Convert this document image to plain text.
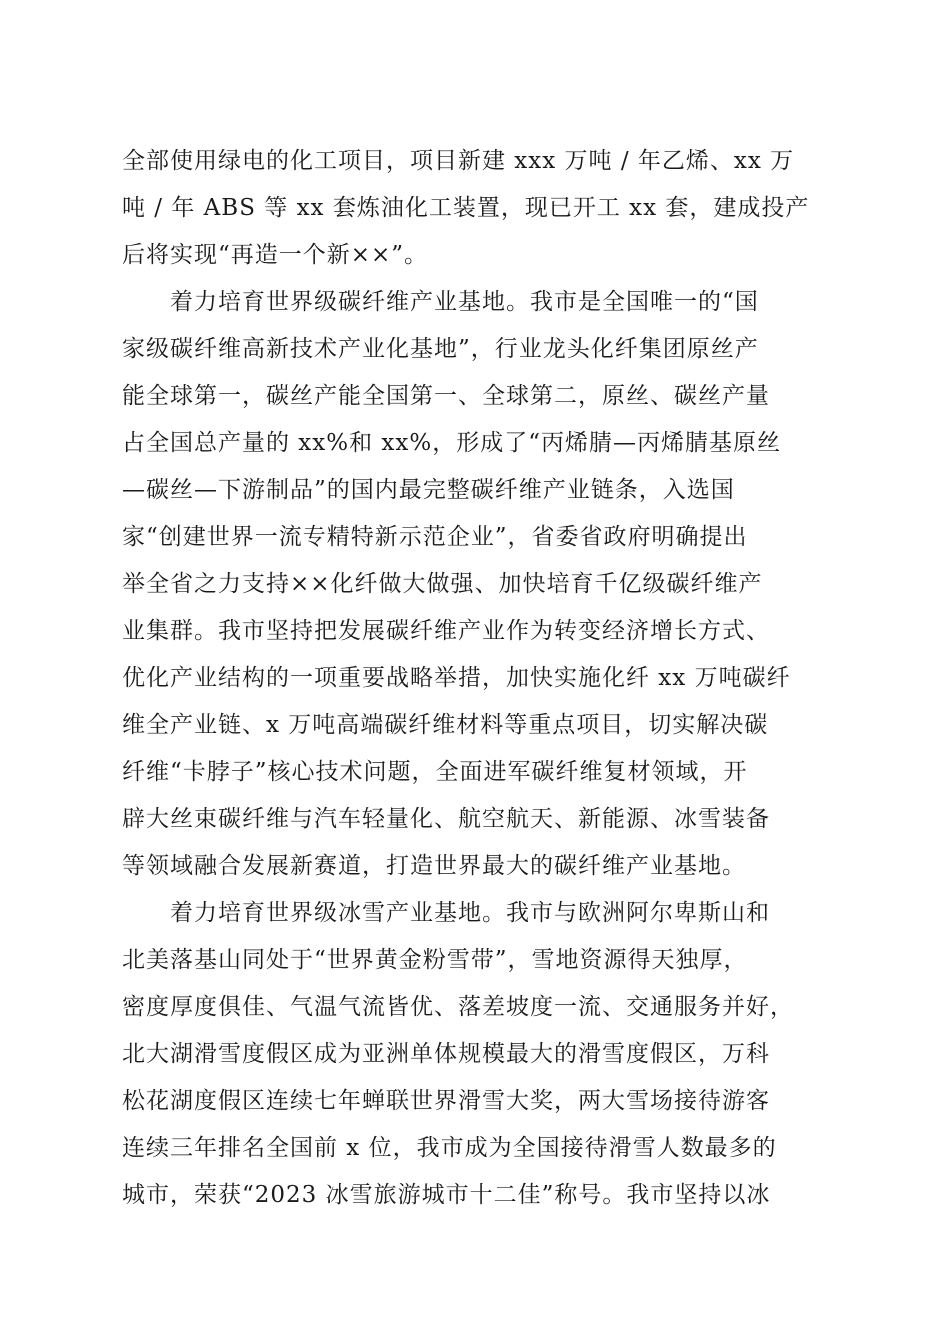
全部使用绿电的化工项目，项目新建 xxx 万吨 / 年乙烯、xx 万
吨 / 年 ABS 等 xx 套炼油化工装置，现已开工 xx 套，建成投产
后将实现“再造一个新××”。
着力培育世界级碳纤维产业基地。我市是全国唯一的“国
家级碳纤维高新技术产业化基地”，行业龙头化纤集团原丝产
能全球第一，碳丝产能全国第一、全球第二，原丝、碳丝产量
占全国总产量的 xx%和 xx%，形成了“丙烯腈—丙烯腈基原丝
—碳丝—下游制品”的国内最完整碳纤维产业链条，入选国
家“创建世界一流专精特新示范企业”，省委省政府明确提出
举全省之力支持××化纤做大做强、加快培育千亿级碳纤维产
业集群。我市坚持把发展碳纤维产业作为转变经济增长方式、
优化产业结构的一项重要战略举措，加快实施化纤 xx 万吨碳纤
维全产业链、x 万吨高端碳纤维材料等重点项目，切实解决碳
纤维“卡脖子”核心技术问题，全面进军碳纤维复材领域，开
辟大丝束碳纤维与汽车轻量化、航空航天、新能源、冰雪装备
等领域融合发展新赛道，打造世界最大的碳纤维产业基地。
着力培育世界级冰雪产业基地。我市与欧洲阿尔卑斯山和
北美落基山同处于“世界黄金粉雪带”，雪地资源得天独厚，
密度厚度俱佳、气温气流皆优、落差坡度一流、交通服务并好，
北大湖滑雪度假区成为亚洲单体规模最大的滑雪度假区，万科
松花湖度假区连续七年蝉联世界滑雪大奖，两大雪场接待游客
连续三年排名全国前 x 位，我市成为全国接待滑雪人数最多的
城市，荣获“2023 冰雪旅游城市十二佳”称号。我市坚持以冰
